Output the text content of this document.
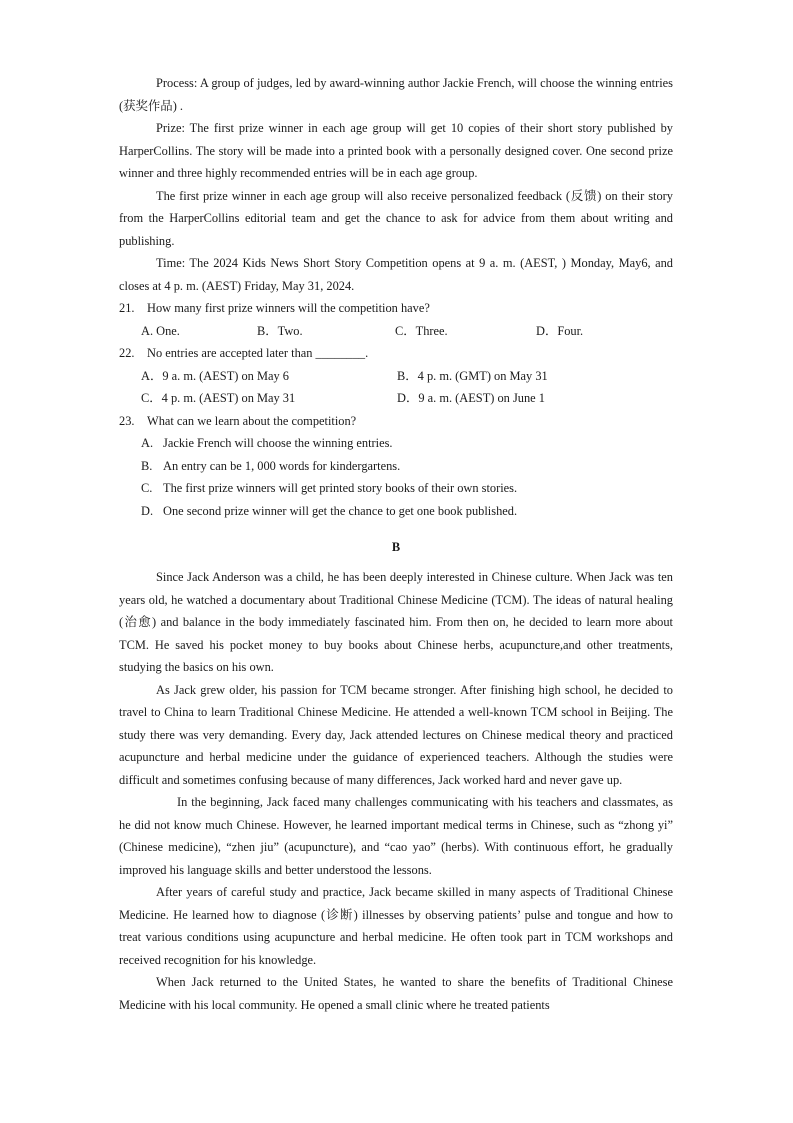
Process: A group of judges, led by award-winning author Jackie French, will choose the winning entries (获奖作品) .

Prize: The first prize winner in each age group will get 10 copies of their short story published by HarperCollins. The story will be made into a printed book with a personally designed cover. One second prize winner and three highly recommended entries will be in each age group.

The first prize winner in each age group will also receive personalized feedback (反馈) on their story from the HarperCollins editorial team and get the chance to ask for advice from them about writing and publishing.

Time: The 2024 Kids News Short Story Competition opens at 9 a. m. (AEST, ) Monday, May6, and closes at 4 p. m. (AEST) Friday, May 31, 2024.

21. How many first prize winners will the competition have?
A. One.	B．Two.	C．Three.	D．Four.
22. No entries are accepted later than ________.
A．9 a. m. (AEST) on May 6	B．4 p. m. (GMT) on May 31
C．4 p. m. (AEST) on May 31	D．9 a. m. (AEST) on June 1
23. What can we learn about the competition?
A. Jackie French will choose the winning entries.
B. An entry can be 1, 000 words for kindergartens.
C. The first prize winners will get printed story books of their own stories.
D. One second prize winner will get the chance to get one book published.
B

Since Jack Anderson was a child, he has been deeply interested in Chinese culture. When Jack was ten years old, he watched a documentary about Traditional Chinese Medicine (TCM). The ideas of natural healing (治愈) and balance in the body immediately fascinated him. From then on, he decided to learn more about TCM. He saved his pocket money to buy books about Chinese herbs, acupuncture,and other treatments, studying the basics on his own.

As Jack grew older, his passion for TCM became stronger. After finishing high school, he decided to travel to China to learn Traditional Chinese Medicine. He attended a well-known TCM school in Beijing. The study there was very demanding. Every day, Jack attended lectures on Chinese medical theory and practiced acupuncture and herbal medicine under the guidance of experienced teachers. Although the studies were difficult and sometimes confusing because of many differences, Jack worked hard and never gave up.

In the beginning, Jack faced many challenges communicating with his teachers and classmates, as he did not know much Chinese. However, he learned important medical terms in Chinese, such as “zhong yi” (Chinese medicine), “zhen jiu” (acupuncture), and “cao yao” (herbs). With continuous effort, he gradually improved his language skills and better understood the lessons.

After years of careful study and practice, Jack became skilled in many aspects of Traditional Chinese Medicine. He learned how to diagnose (诊断) illnesses by observing patients’ pulse and tongue and how to treat various conditions using acupuncture and herbal medicine. He often took part in TCM workshops and received recognition for his knowledge.

When Jack returned to the United States, he wanted to share the benefits of Traditional Chinese Medicine with his local community. He opened a small clinic where he treated patients
